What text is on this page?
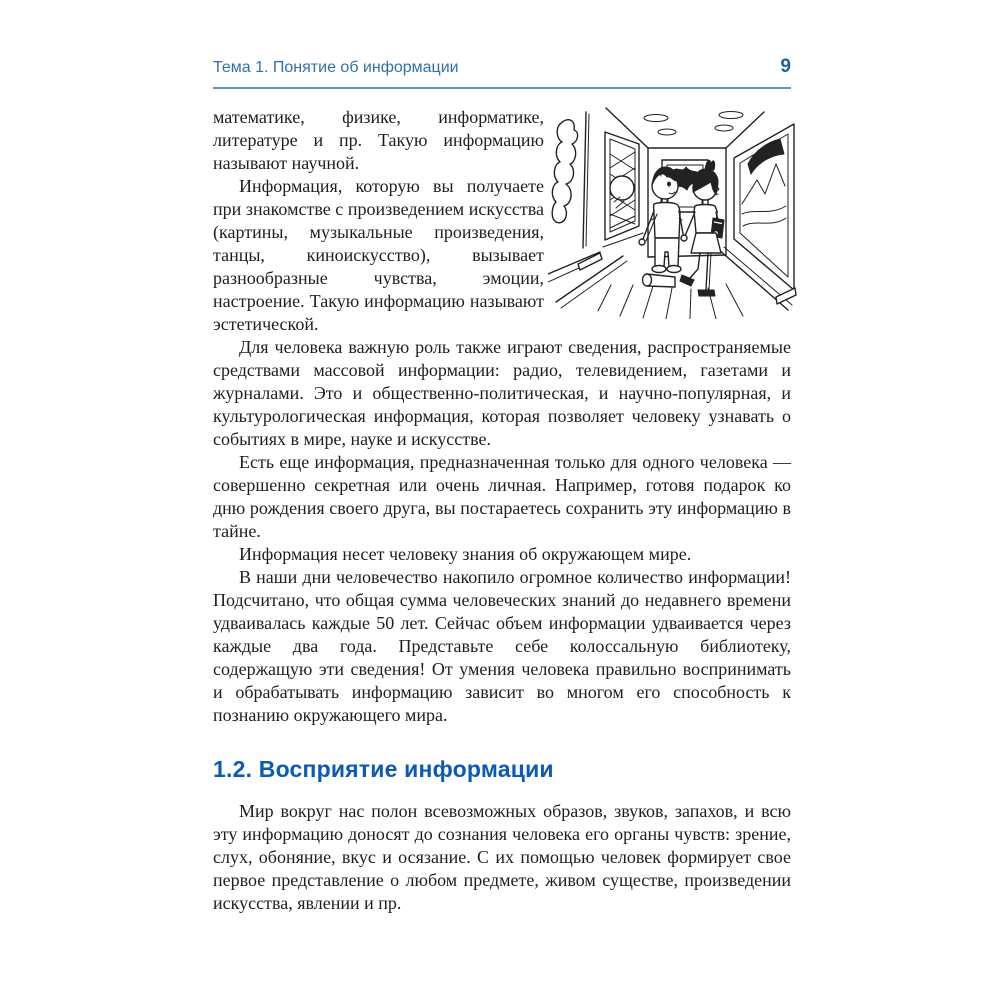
Тема 1. Понятие об информации	9

математике, физике, информатике, литературе и пр. Такую информацию называют научной.

Информация, которую вы получаете при знакомстве с произведением искусства (картины, музыкальные произведения, танцы, киноискусство), вызывает разнообразные чувства, эмоции, настроение. Такую информацию называют эстетической.

Для человека важную роль также играют сведения, распространяемые средствами массовой информации: радио, телевидением, газетами и журналами. Это и общественно-политическая, и научно-популярная, и культурологическая информация, которая позволяет человеку узнавать о событиях в мире, науке и искусстве.

Есть еще информация, предназначенная только для одного человека — совершенно секретная или очень личная. Например, готовя подарок ко дню рождения своего друга, вы постараетесь сохранить эту информацию в тайне.

Информация несет человеку знания об окружающем мире.

В наши дни человечество накопило огромное количество информации! Подсчитано, что общая сумма человеческих знаний до недавнего времени удваивалась каждые 50 лет. Сейчас объем информации удваивается через каждые два года. Представьте себе колоссальную библиотеку, содержащую эти сведения! От умения человека правильно воспринимать и обрабатывать информацию зависит во многом его способность к познанию окружающего мира.

1.2. Восприятие информации

Мир вокруг нас полон всевозможных образов, звуков, запахов, и всю эту информацию доносят до сознания человека его органы чувств: зрение, слух, обоняние, вкус и осязание. С их помощью человек формирует свое первое представление о любом предмете, живом существе, произведении искусства, явлении и пр.
